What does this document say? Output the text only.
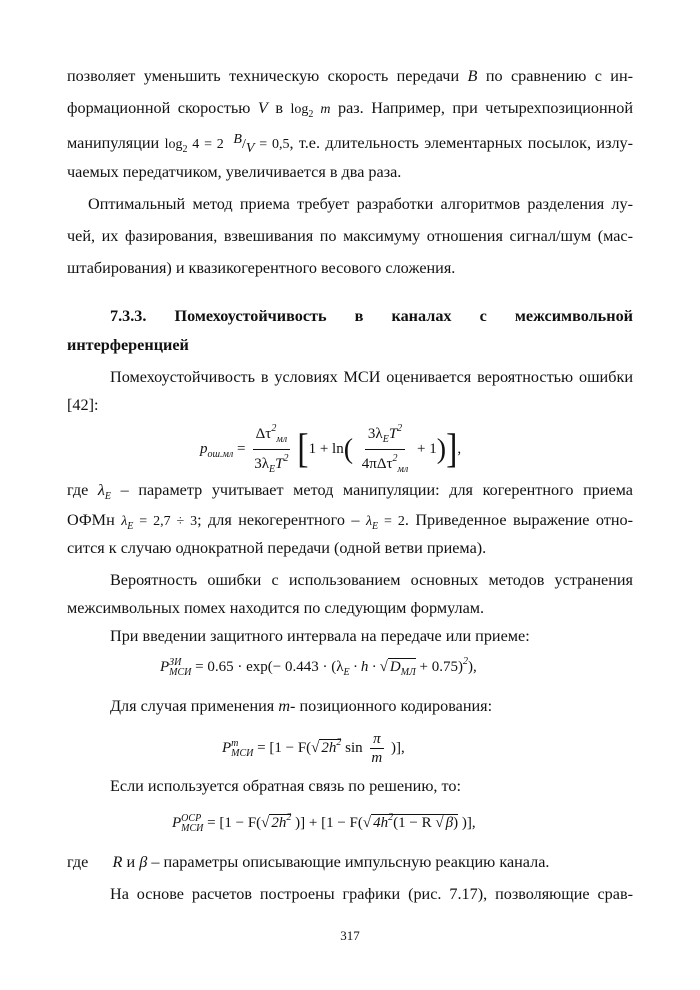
позволяет уменьшить техническую скорость передачи B по сравнению с ин-
формационной скоростью V в $\log_2 m$ раз. Например, при четырехпозиционной
манипуляции $\log_2 4 = 2$ B/V = 0,5, т.е. длительность элементарных посылок, излу-
чаемых передатчиком, увеличивается в два раза.
Оптимальный метод приема требует разработки алгоритмов разделения лу-
чей, их фазирования, взвешивания по максимуму отношения сигнал/шум (мас-
штабирования) и квазикогерентного весового сложения.
7.3.3. Помехоустойчивость в каналах с межсимвольной
интерференцией
Помехоустойчивость в условиях МСИ оценивается вероятностью ошибки
[42]:
$p_{ош.мл} = \frac{\Delta\tau^2_{мл}}{3\lambda_ET^2} [1 + \ln( \frac{3\lambda_ET^2}{4\pi\Delta\tau^2_{мл}} + 1)]$,
где $\lambda_E$ – параметр учитывает метод манипуляции: для когерентного приема
ОФМн $\lambda_E = 2,7 \div 3$; для некогерентного – $\lambda_E = 2$. Приведенное выражение отно-
сится к случаю однократной передачи (одной ветви приема).
Вероятность ошибки с использованием основных методов устранения
межсимвольных помех находится по следующим формулам.
При введении защитного интервала на передаче или приеме:
P ЗИ
МСИ = $0.65 \cdot \exp(- 0.443 \cdot (\lambda_E \cdot h$ · √ $D_{МЛ} + 0.75)^2$),
Для случая применения m- позиционного кодирования:
P m
МСИ = [1 − F(√ $2h^2$ $\sin \frac{\pi}{m}$ )],
Если используется обратная связь по решению, то:
P ОСР
МСИ = [1 − F(√ $2h^2$ )] + [1 − F(√ $4h^2(1 - R$ √ β) )],
где R и β – параметры описывающие импульсную реакцию канала.
На основе расчетов построены графики (рис. 7.17), позволяющие срав-
317
